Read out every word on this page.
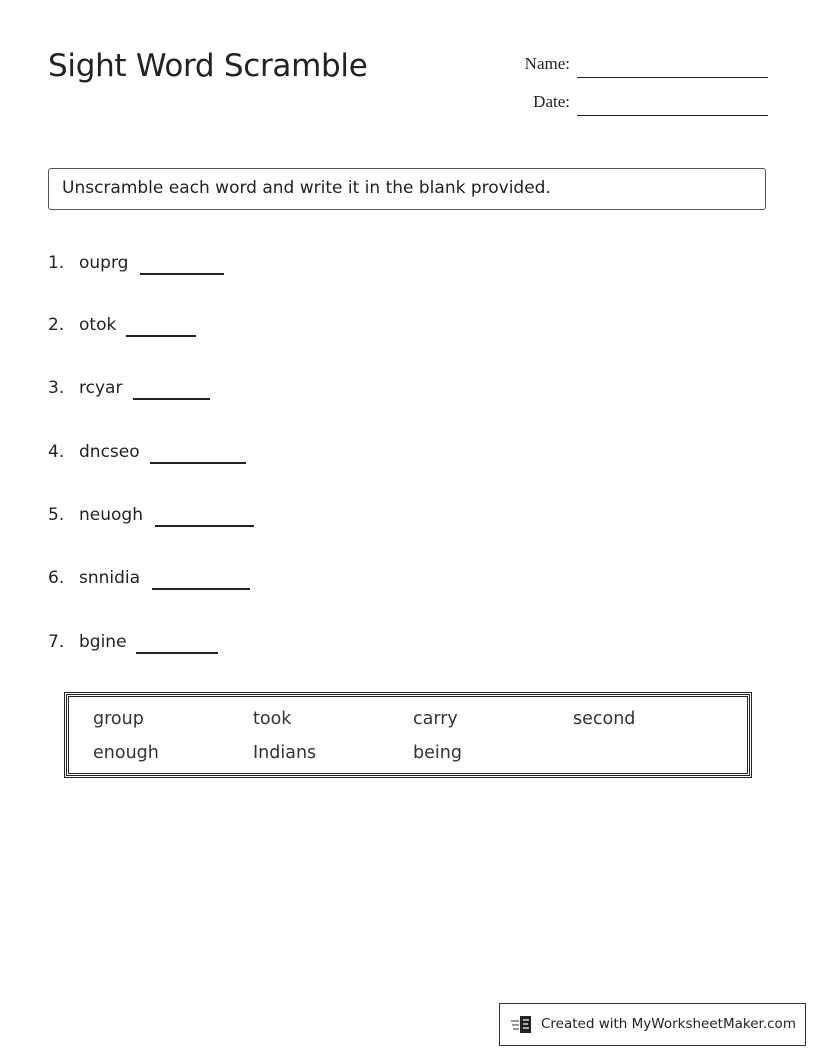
Sight Word Scramble	Name:
Date:
Unscramble each word and write it in the blank provided.
1. ouprg
2. otok
3. rcyar
4. dncseo
5. neuogh
6. snnidia
7. bgine
group	took	carry	second
enough	Indians	being
Created with MyWorksheetMaker.com
